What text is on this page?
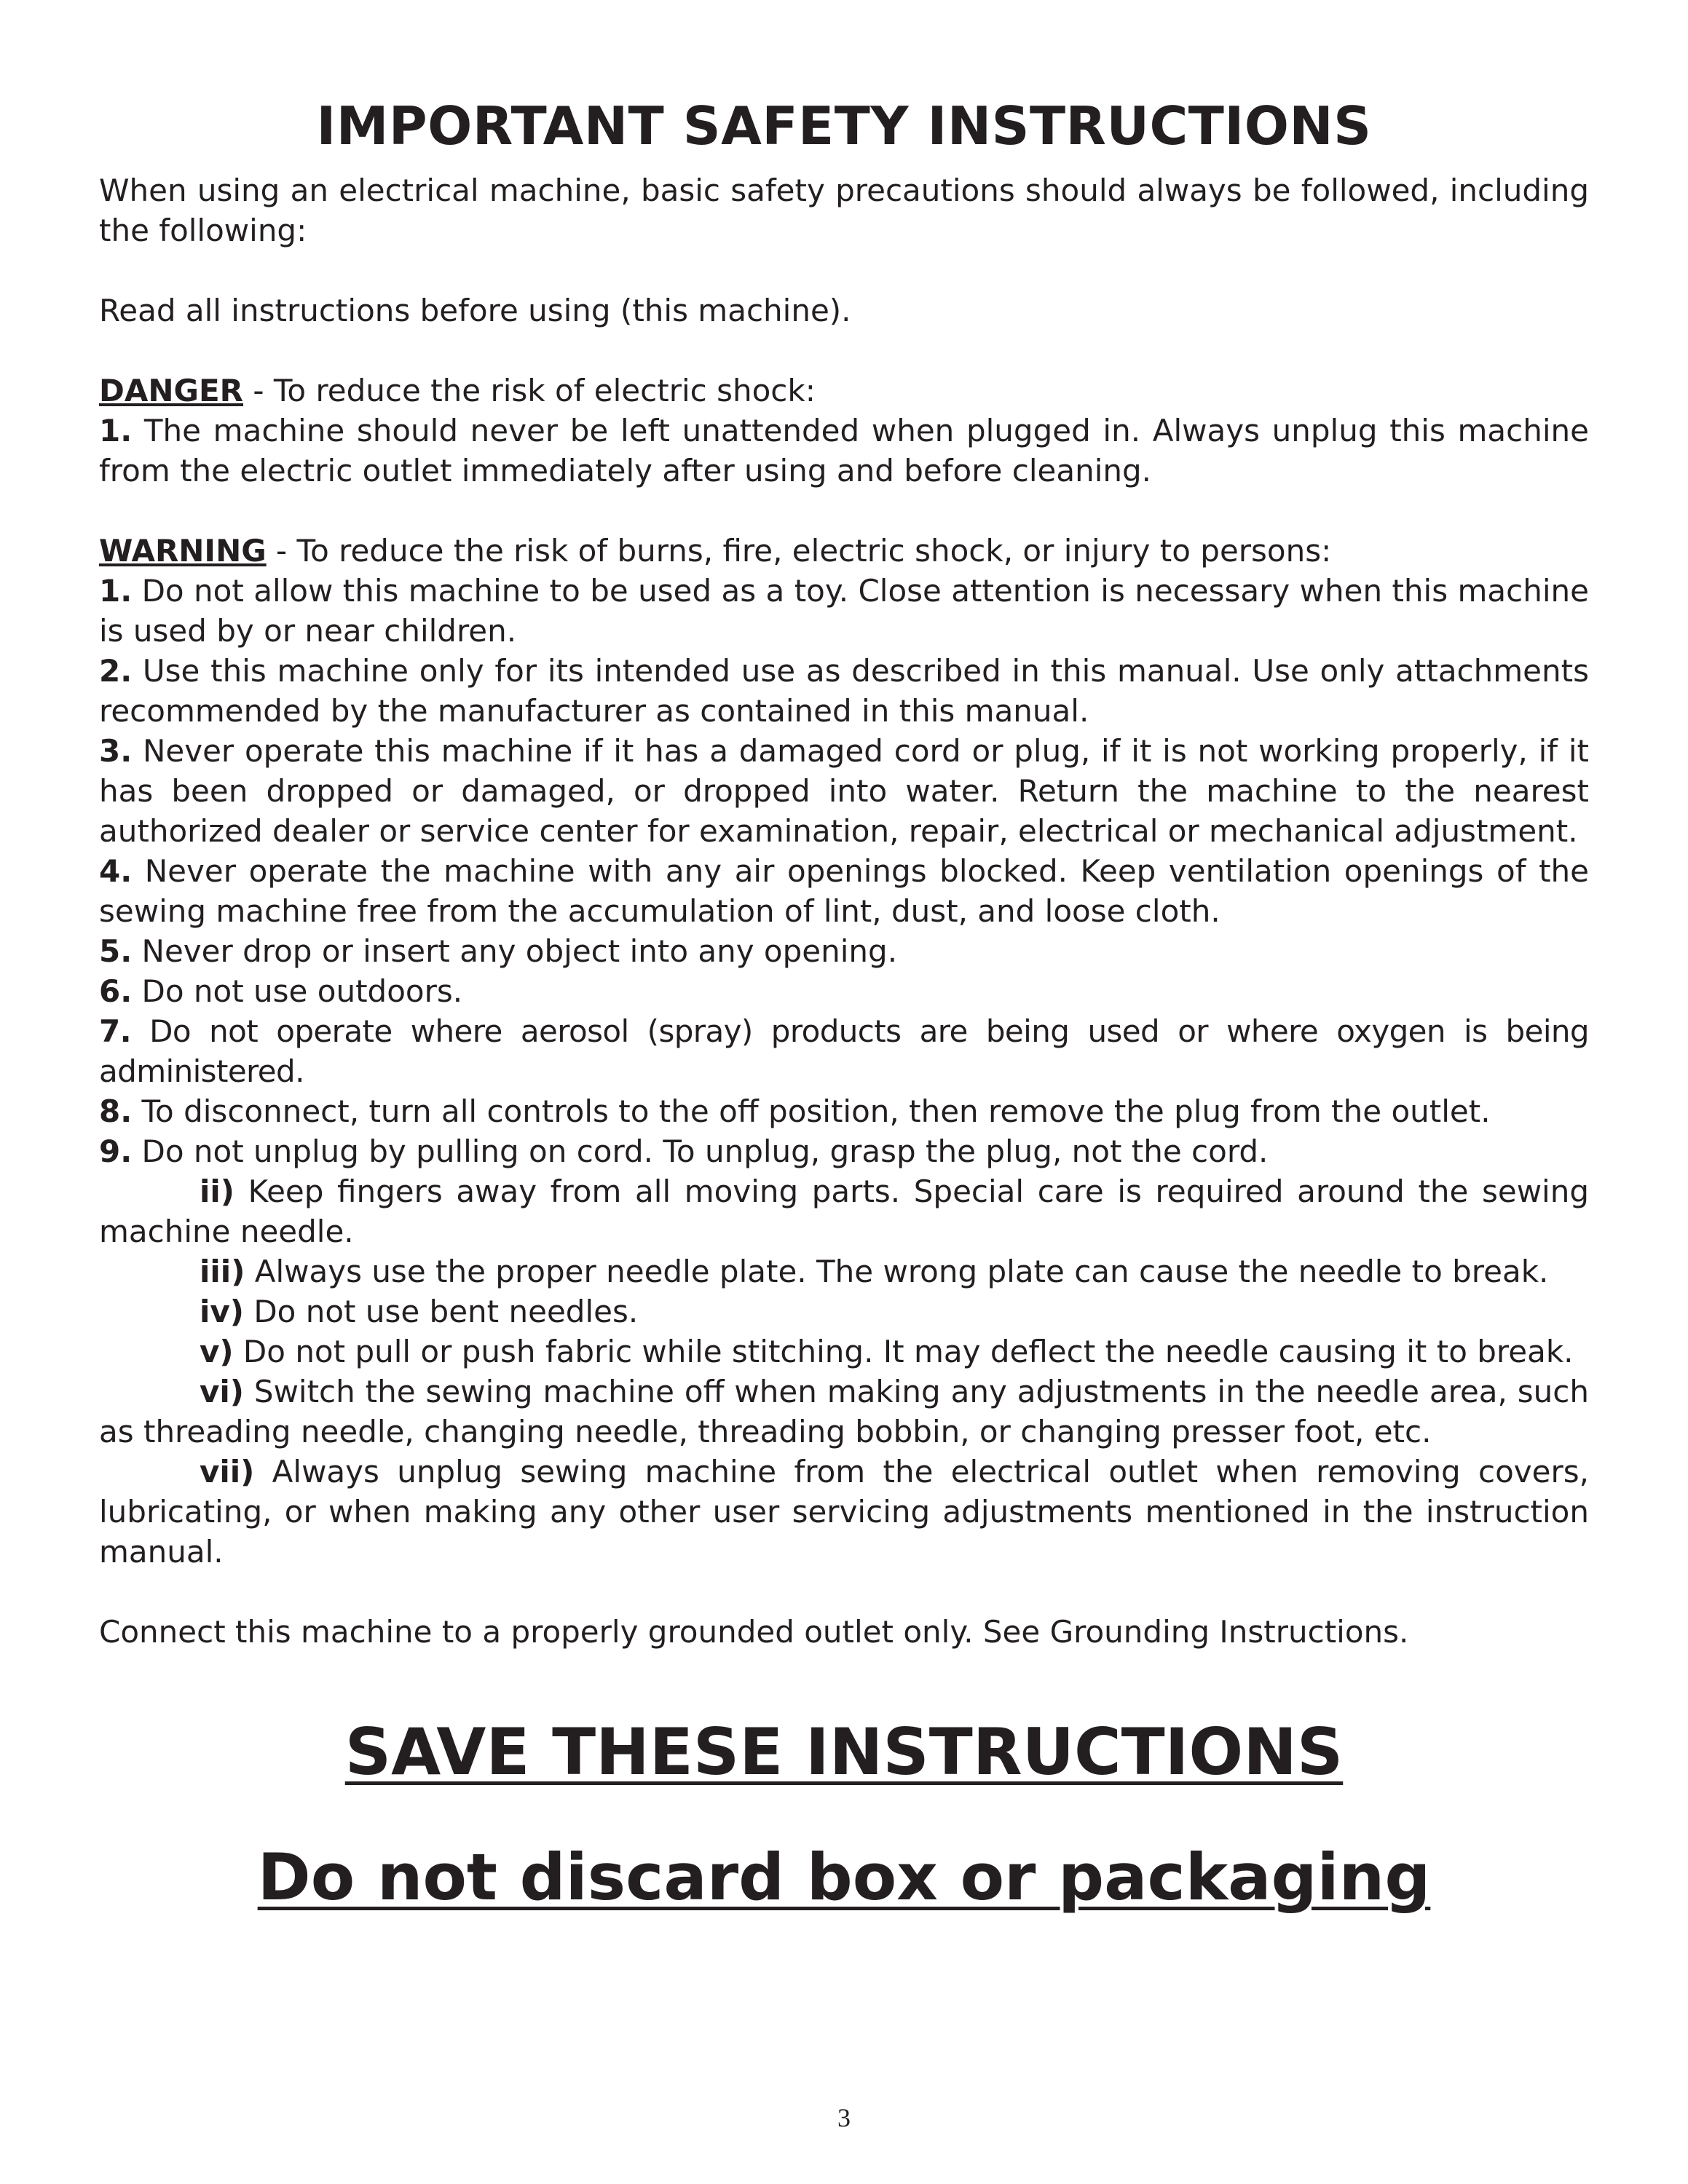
IMPORTANT SAFETY INSTRUCTIONS

When using an electrical machine, basic safety precautions should always be followed, including the following:

Read all instructions before using (this machine).

DANGER - To reduce the risk of electric shock:

1. The machine should never be left unattended when plugged in. Always unplug this machine from the electric outlet immediately after using and before cleaning.

WARNING - To reduce the risk of burns, fire, electric shock, or injury to persons:

1. Do not allow this machine to be used as a toy. Close attention is necessary when this machine is used by or near children.

2. Use this machine only for its intended use as described in this manual. Use only attachments recommended by the manufacturer as contained in this manual.

3. Never operate this machine if it has a damaged cord or plug, if it is not working properly, if it has been dropped or damaged, or dropped into water. Return the machine to the nearest authorized dealer or service center for examination, repair, electrical or mechanical adjustment.

4. Never operate the machine with any air openings blocked. Keep ventilation openings of the sewing machine free from the accumulation of lint, dust, and loose cloth.

5. Never drop or insert any object into any opening.

6. Do not use outdoors.

7. Do not operate where aerosol (spray) products are being used or where oxygen is being administered.

8. To disconnect, turn all controls to the off position, then remove the plug from the outlet.

9. Do not unplug by pulling on cord. To unplug, grasp the plug, not the cord.

ii) Keep fingers away from all moving parts. Special care is required around the sewing machine needle.

iii) Always use the proper needle plate. The wrong plate can cause the needle to break.

iv) Do not use bent needles.

v) Do not pull or push fabric while stitching. It may deflect the needle causing it to break.

vi) Switch the sewing machine off when making any adjustments in the needle area, such as threading needle, changing needle, threading bobbin, or changing presser foot, etc.

vii) Always unplug sewing machine from the electrical outlet when removing covers, lubricating, or when making any other user servicing adjustments mentioned in the instruction manual.

Connect this machine to a properly grounded outlet only. See Grounding Instructions.

SAVE THESE INSTRUCTIONS
Do not discard box or packaging
3
